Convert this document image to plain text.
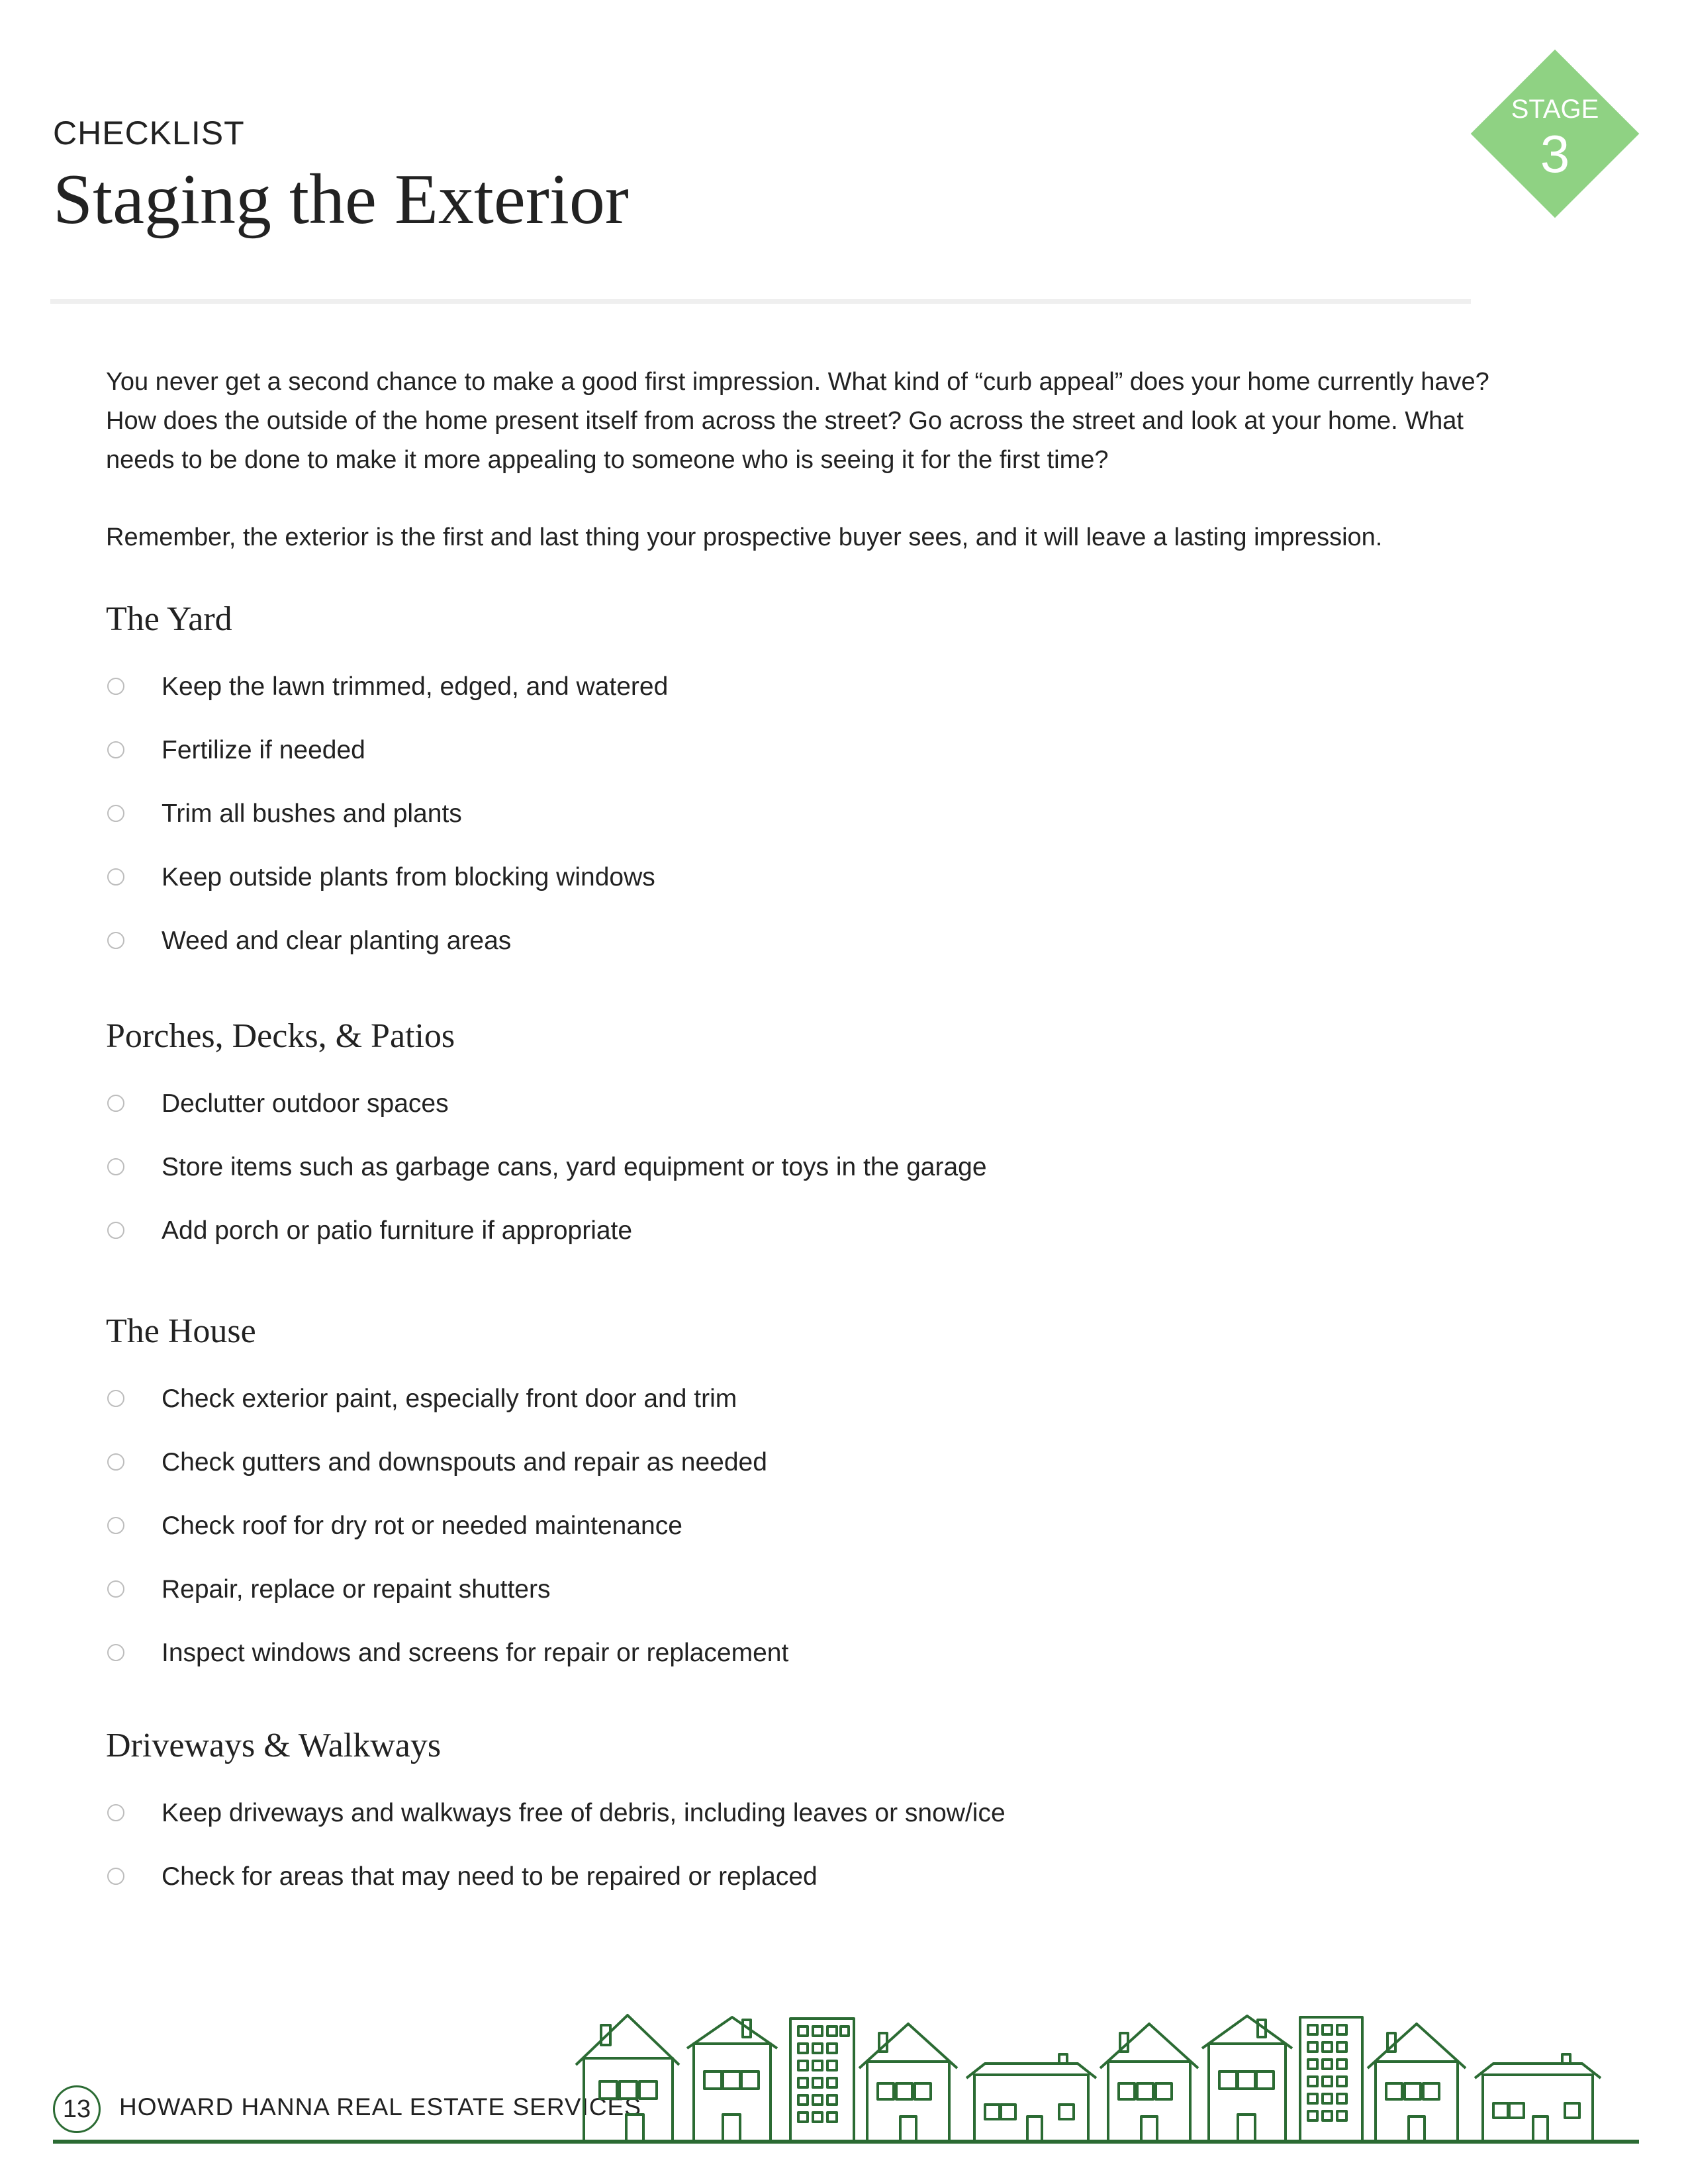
CHECKLIST
Staging the Exterior
STAGE
3

You never get a second chance to make a good first impression. What kind of “curb appeal” does your home currently have? How does the outside of the home present itself from across the street? Go across the street and look at your home. What needs to be done to make it more appealing to someone who is seeing it for the first time?

Remember, the exterior is the first and last thing your prospective buyer sees, and it will leave a lasting impression.

The Yard
Keep the lawn trimmed, edged, and watered
Fertilize if needed
Trim all bushes and plants
Keep outside plants from blocking windows
Weed and clear planting areas
Porches, Decks, & Patios
Declutter outdoor spaces
Store items such as garbage cans, yard equipment or toys in the garage
Add porch or patio furniture if appropriate
The House
Check exterior paint, especially front door and trim
Check gutters and downspouts and repair as needed
Check roof for dry rot or needed maintenance
Repair, replace or repaint shutters
Inspect windows and screens for repair or replacement
Driveways & Walkways
Keep driveways and walkways free of debris, including leaves or snow/ice
Check for areas that may need to be repaired or replaced
13	HOWARD HANNA REAL ESTATE SERVICES
